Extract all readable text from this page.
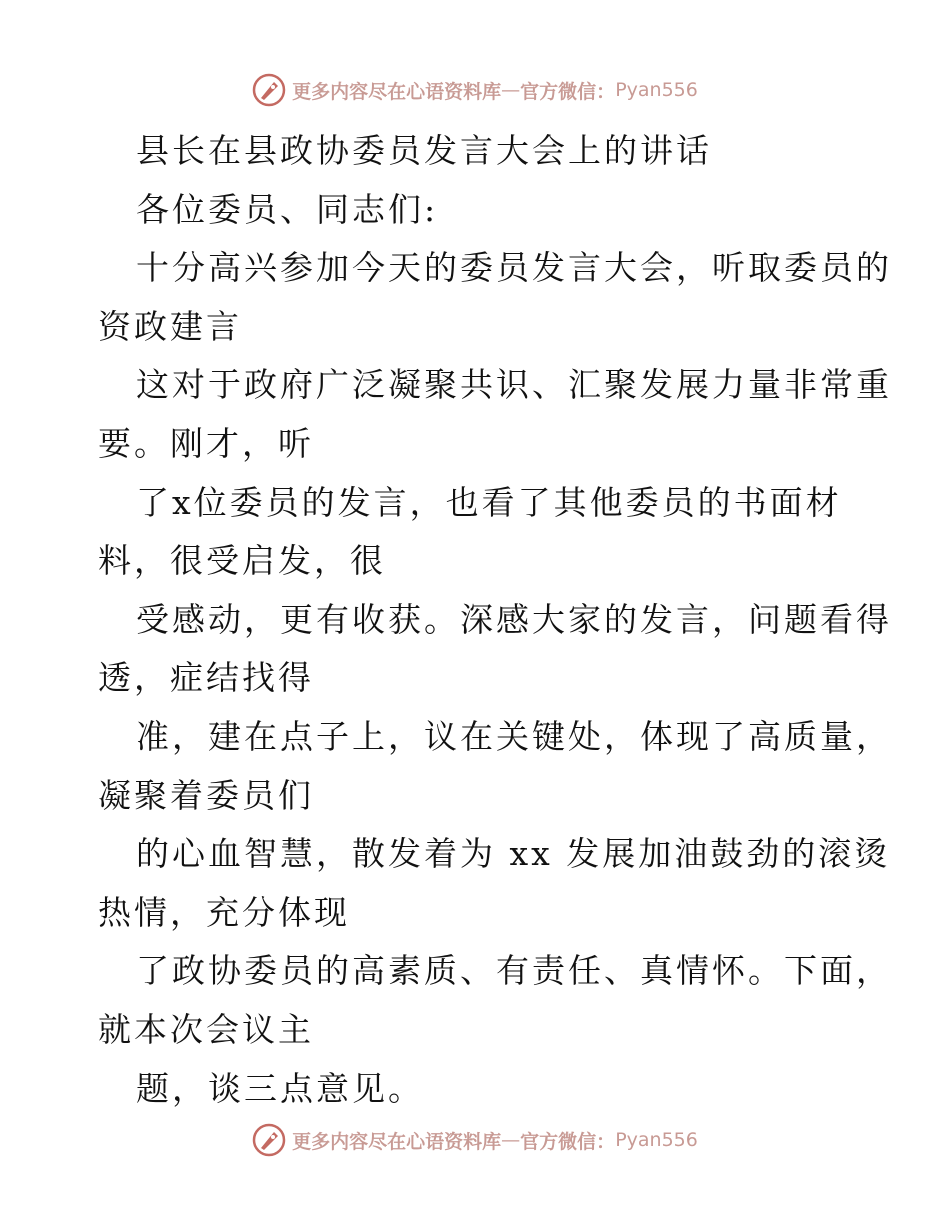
更多内容尽在心语资料库 — 官方微信： Pyan556
县长在县政协委员发言大会上的讲话
各位委员、同志们:
十分高兴参加今天的委员发言大会，听取委员的
资政建言
这对于政府广泛凝聚共识、汇聚发展力量非常重
要。刚才，听
了x位委员的发言，也看了其他委员的书面材
料，很受启发，很
受感动，更有收获。深感大家的发言，问题看得
透，症结找得
准，建在点子上，议在关键处，体现了高质量，
凝聚着委员们
的心血智慧，散发着为 xx 发展加油鼓劲的滚烫
热情，充分体现
了政协委员的高素质、有责任、真情怀。下面，
就本次会议主
题，谈三点意见。
更多内容尽在心语资料库 — 官方微信： Pyan556
